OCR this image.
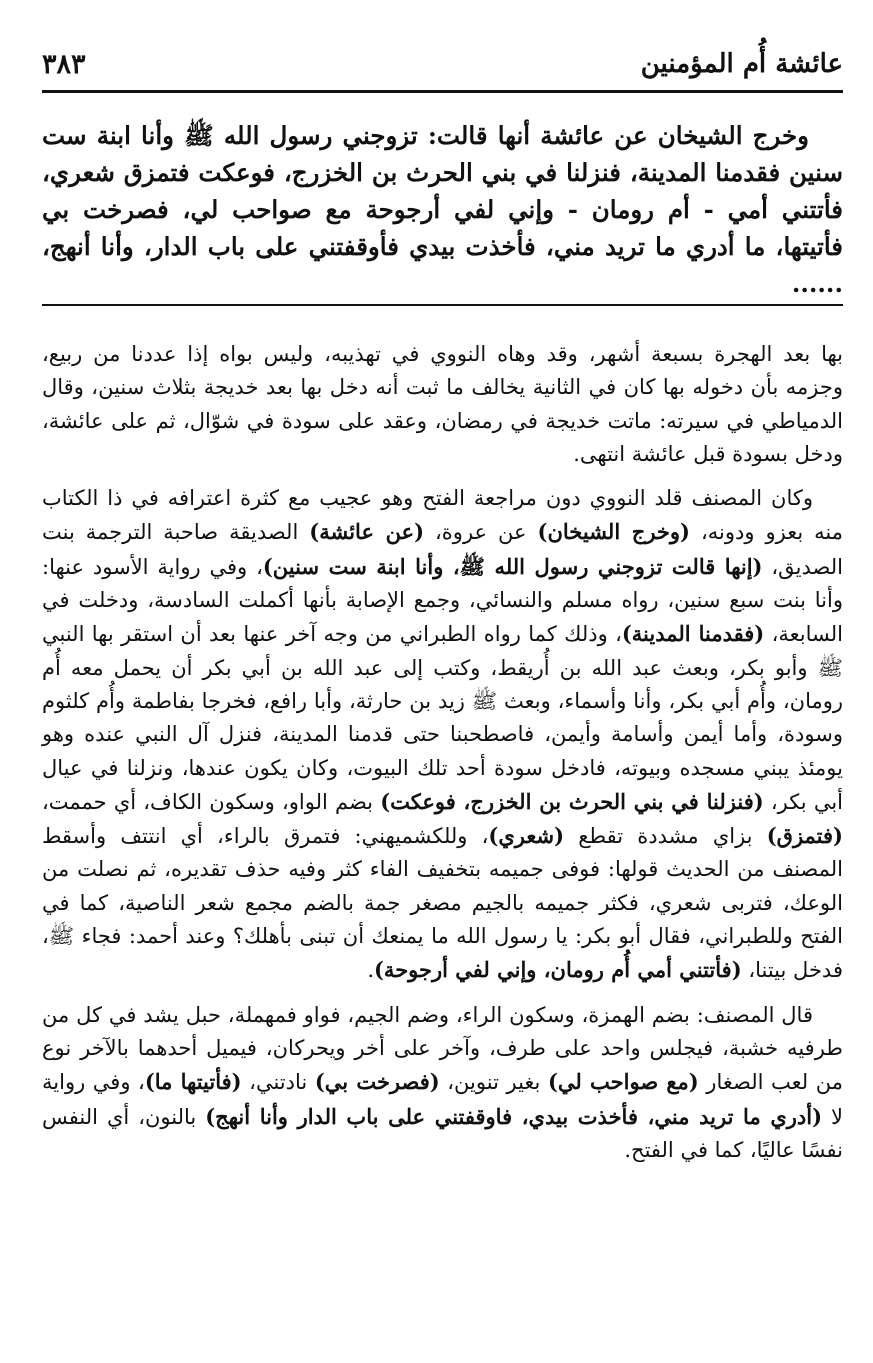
عائشة أُم المؤمنين
٣٨٣

وخرج الشيخان عن عائشة أنها قالت: تزوجني رسول الله ﷺ وأنا ابنة ست سنين فقدمنا المدينة، فنزلنا في بني الحرث بن الخزرج، فوعكت فتمزق شعري، فأتتني أمي - أم رومان - وإني لفي أرجوحة مع صواحب لي، فصرخت بي فأتيتها، ما أدري ما تريد مني، فأخذت بيدي فأوقفتني على باب الدار، وأنا أنهج، ......

بها بعد الهجرة بسبعة أشهر، وقد وهاه النووي في تهذيبه، وليس بواه إذا عددنا من ربيع، وجزمه بأن دخوله بها كان في الثانية يخالف ما ثبت أنه دخل بها بعد خديجة بثلاث سنين، وقال الدمياطي في سيرته: ماتت خديجة في رمضان، وعقد على سودة في شوّال، ثم على عائشة، ودخل بسودة قبل عائشة انتهى.

وكان المصنف قلد النووي دون مراجعة الفتح وهو عجيب مع كثرة اعترافه في ذا الكتاب منه بعزو ودونه، (وخرج الشيخان) عن عروة، (عن عائشة) الصديقة صاحبة الترجمة بنت الصديق، (إنها قالت تزوجني رسول الله ﷺ، وأنا ابنة ست سنين)، وفي رواية الأسود عنها: وأنا بنت سبع سنين، رواه مسلم والنسائي، وجمع الإصابة بأنها أكملت السادسة، ودخلت في السابعة، (فقدمنا المدينة)، وذلك كما رواه الطبراني من وجه آخر عنها بعد أن استقر بها النبي ﷺ وأبو بكر، وبعث عبد الله بن أُريقط، وكتب إلى عبد الله بن أبي بكر أن يحمل معه أُم رومان، وأُم أبي بكر، وأنا وأسماء، وبعث ﷺ زيد بن حارثة، وأبا رافع، فخرجا بفاطمة وأُم كلثوم وسودة، وأما أيمن وأسامة وأيمن، فاصطحبنا حتى قدمنا المدينة، فنزل آل النبي عنده وهو يومئذ يبني مسجده وبيوته، فادخل سودة أحد تلك البيوت، وكان يكون عندها، ونزلنا في عيال أبي بكر، (فنزلنا في بني الحرث بن الخزرج، فوعكت) بضم الواو، وسكون الكاف، أي حممت، (فتمزق) بزاي مشددة تقطع (شعري)، وللكشميهني: فتمرق بالراء، أي انتتف وأسقط المصنف من الحديث قولها: فوفى جميمه بتخفيف الفاء كثر وفيه حذف تقديره، ثم نصلت من الوعك، فتربى شعري، فكثر جميمه بالجيم مصغر جمة بالضم مجمع شعر الناصية، كما في الفتح وللطبراني، فقال أبو بكر: يا رسول الله ما يمنعك أن تبنى بأهلك؟ وعند أحمد: فجاء ﷺ، فدخل بيتنا، (فأتتني أمي أُم رومان، وإني لفي أرجوحة).

قال المصنف: بضم الهمزة، وسكون الراء، وضم الجيم، فواو فمهملة، حبل يشد في كل من طرفيه خشبة، فيجلس واحد على طرف، وآخر على أخر ويحركان، فيميل أحدهما بالآخر نوع من لعب الصغار (مع صواحب لي) بغير تنوين، (فصرخت بي) نادتني، (فأتيتها ما)، وفي رواية لا (أدري ما تريد مني، فأخذت بيدي، فاوقفتني على باب الدار وأنا أنهج) بالنون، أي النفس نفسًا عاليًا، كما في الفتح.
